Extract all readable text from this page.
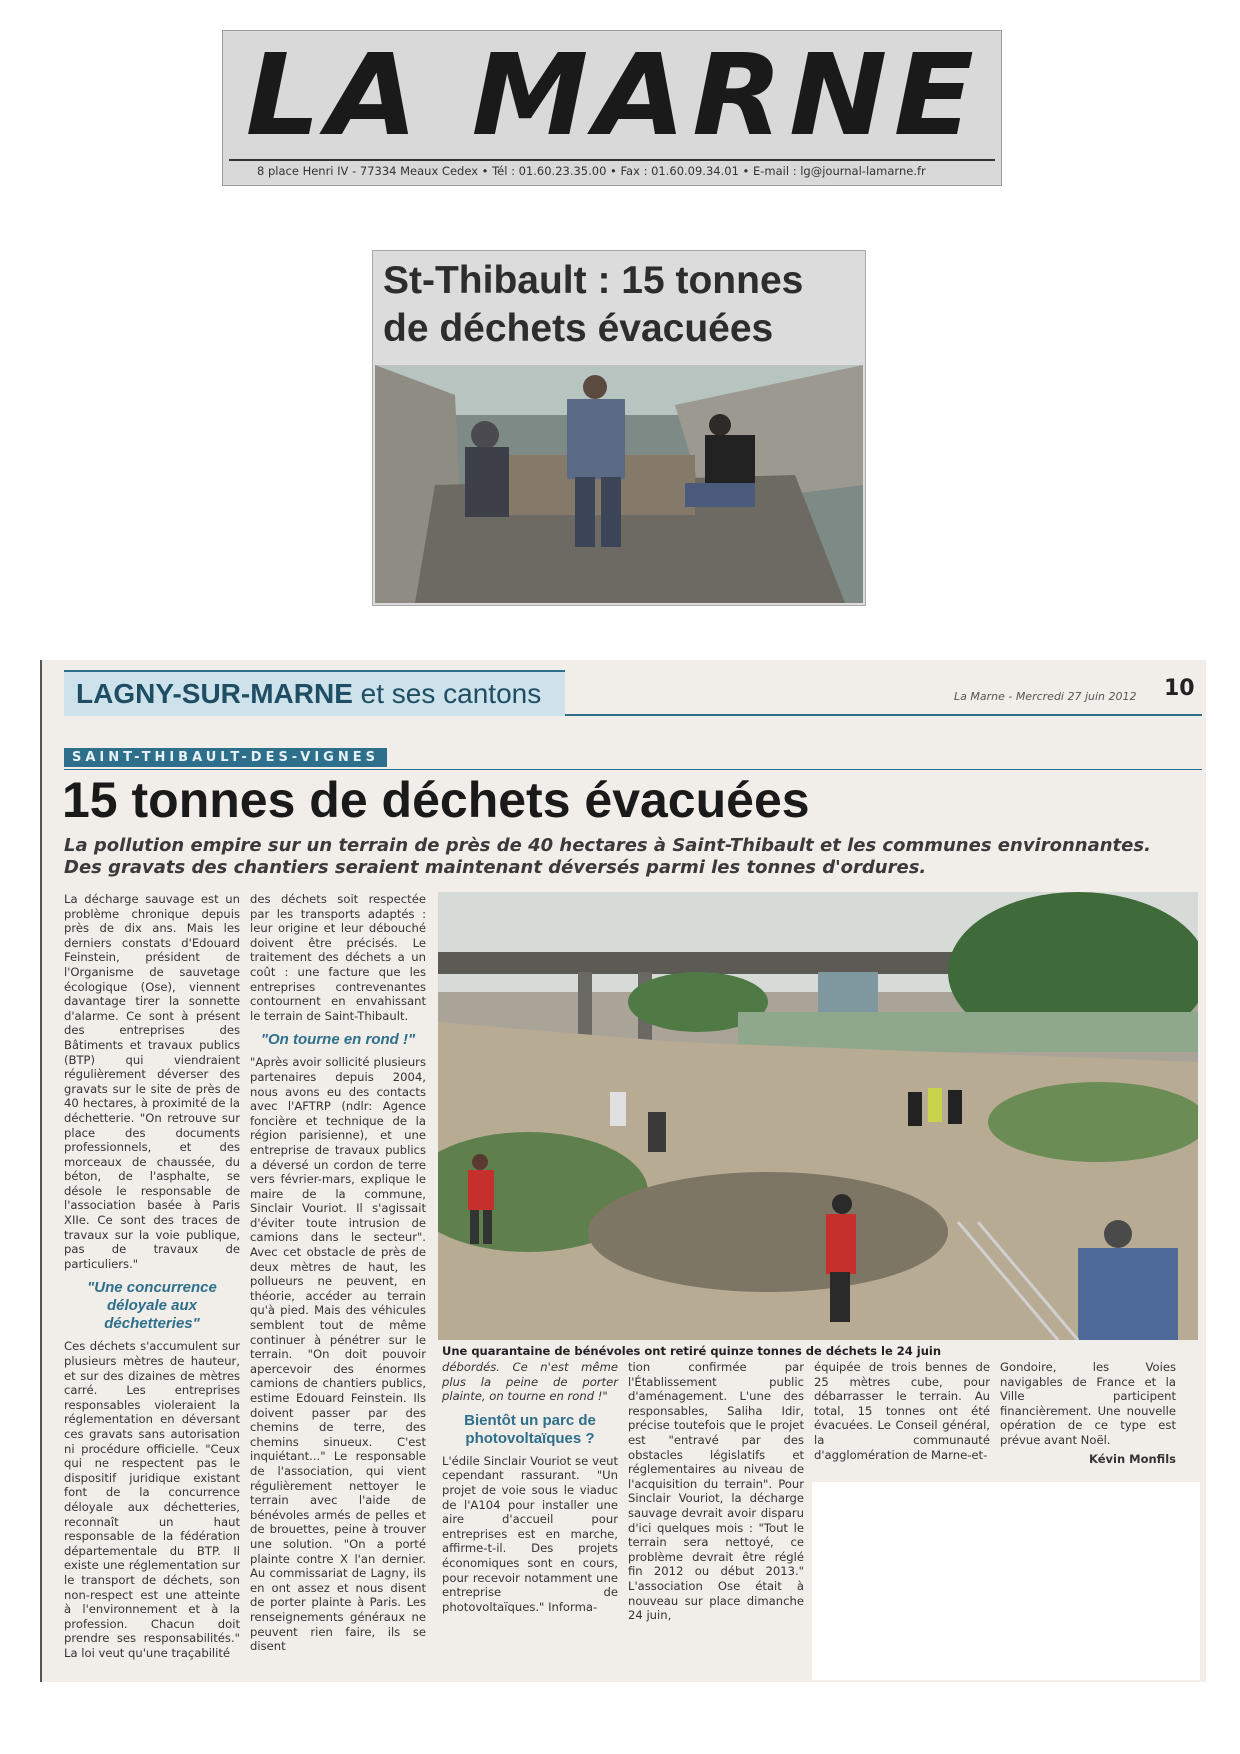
LA MARNE
8 place Henri IV - 77334 Meaux Cedex • Tél : 01.60.23.35.00 • Fax : 01.60.09.34.01 • E-mail : lg@journal-lamarne.fr
St-Thibault : 15 tonnes
de déchets évacuées
LAGNY-SUR-MARNE et ses cantons	La Marne - Mercredi 27 juin 2012 10
SAINT-THIBAULT-DES-VIGNES
15 tonnes de déchets évacuées
La pollution empire sur un terrain de près de 40 hectares à Saint-Thibault et les communes environnantes. Des gravats des chantiers seraient maintenant déversés parmi les tonnes d'ordures.

La décharge sauvage est un problème chronique depuis près de dix ans. Mais les derniers constats d'Edouard Feinstein, président de l'Organisme de sauvetage écologique (Ose), viennent davantage tirer la sonnette d'alarme. Ce sont à présent des entreprises des Bâtiments et travaux publics (BTP) qui viendraient régulièrement déverser des gravats sur le site de près de 40 hectares, à proximité de la déchetterie. "On retrouve sur place des documents professionnels, et des morceaux de chaussée, du béton, de l'asphalte, se désole le responsable de l'association basée à Paris XIIe. Ce sont des traces de travaux sur la voie publique, pas de travaux de particuliers."

"Une concurrence déloyale aux déchetteries"

Ces déchets s'accumulent sur plusieurs mètres de hauteur, et sur des dizaines de mètres carré. Les entreprises responsables violeraient la réglementation en déversant ces gravats sans autorisation ni procédure officielle. "Ceux qui ne respectent pas le dispositif juridique existant font de la concurrence déloyale aux déchetteries, reconnaît un haut responsable de la fédération départementale du BTP. Il existe une réglementation sur le transport de déchets, son non-respect est une atteinte à l'environnement et à la profession. Chacun doit prendre ses responsabilités." La loi veut qu'une traçabilité

des déchets soit respectée par les transports adaptés : leur origine et leur débouché doivent être précisés. Le traitement des déchets a un coût : une facture que les entreprises contrevenantes contournent en envahissant le terrain de Saint-Thibault.

"On tourne en rond !"

"Après avoir sollicité plusieurs partenaires depuis 2004, nous avons eu des contacts avec l'AFTRP (ndlr: Agence foncière et technique de la région parisienne), et une entreprise de travaux publics a déversé un cordon de terre vers février-mars, explique le maire de la commune, Sinclair Vouriot. Il s'agissait d'éviter toute intrusion de camions dans le secteur". Avec cet obstacle de près de deux mètres de haut, les pollueurs ne peuvent, en théorie, accéder au terrain qu'à pied. Mais des véhicules semblent tout de même continuer à pénétrer sur le terrain. "On doit pouvoir apercevoir des énormes camions de chantiers publics, estime Edouard Feinstein. Ils doivent passer par des chemins de terre, des chemins sinueux. C'est inquiétant..." Le responsable de l'association, qui vient régulièrement nettoyer le terrain avec l'aide de bénévoles armés de pelles et de brouettes, peine à trouver une solution. "On a porté plainte contre X l'an dernier. Au commissariat de Lagny, ils en ont assez et nous disent de porter plainte à Paris. Les renseignements généraux ne peuvent rien faire, ils se disent

Une quarantaine de bénévoles ont retiré quinze tonnes de déchets le 24 juin

débordés. Ce n'est même plus la peine de porter plainte, on tourne en rond !"

Bientôt un parc de photovoltaïques ?

L'édile Sinclair Vouriot se veut cependant rassurant. "Un projet de voie sous le viaduc de l'A104 pour installer une aire d'accueil pour entreprises est en marche, affirme-t-il. Des projets économiques sont en cours, pour recevoir notamment une entreprise de photovoltaïques." Informa-

tion confirmée par l'Établissement public d'aménagement. L'une des responsables, Saliha Idir, précise toutefois que le projet est "entravé par des obstacles législatifs et réglementaires au niveau de l'acquisition du terrain". Pour Sinclair Vouriot, la décharge sauvage devrait avoir disparu d'ici quelques mois : "Tout le terrain sera nettoyé, ce problème devrait être réglé fin 2012 ou début 2013." L'association Ose était à nouveau sur place dimanche 24 juin,

équipée de trois bennes de 25 mètres cube, pour débarrasser le terrain. Au total, 15 tonnes ont été évacuées. Le Conseil général, la communauté d'agglomération de Marne-et-

Gondoire, les Voies navigables de France et la Ville participent financièrement. Une nouvelle opération de ce type est prévue avant Noël.

Kévin Monfils
